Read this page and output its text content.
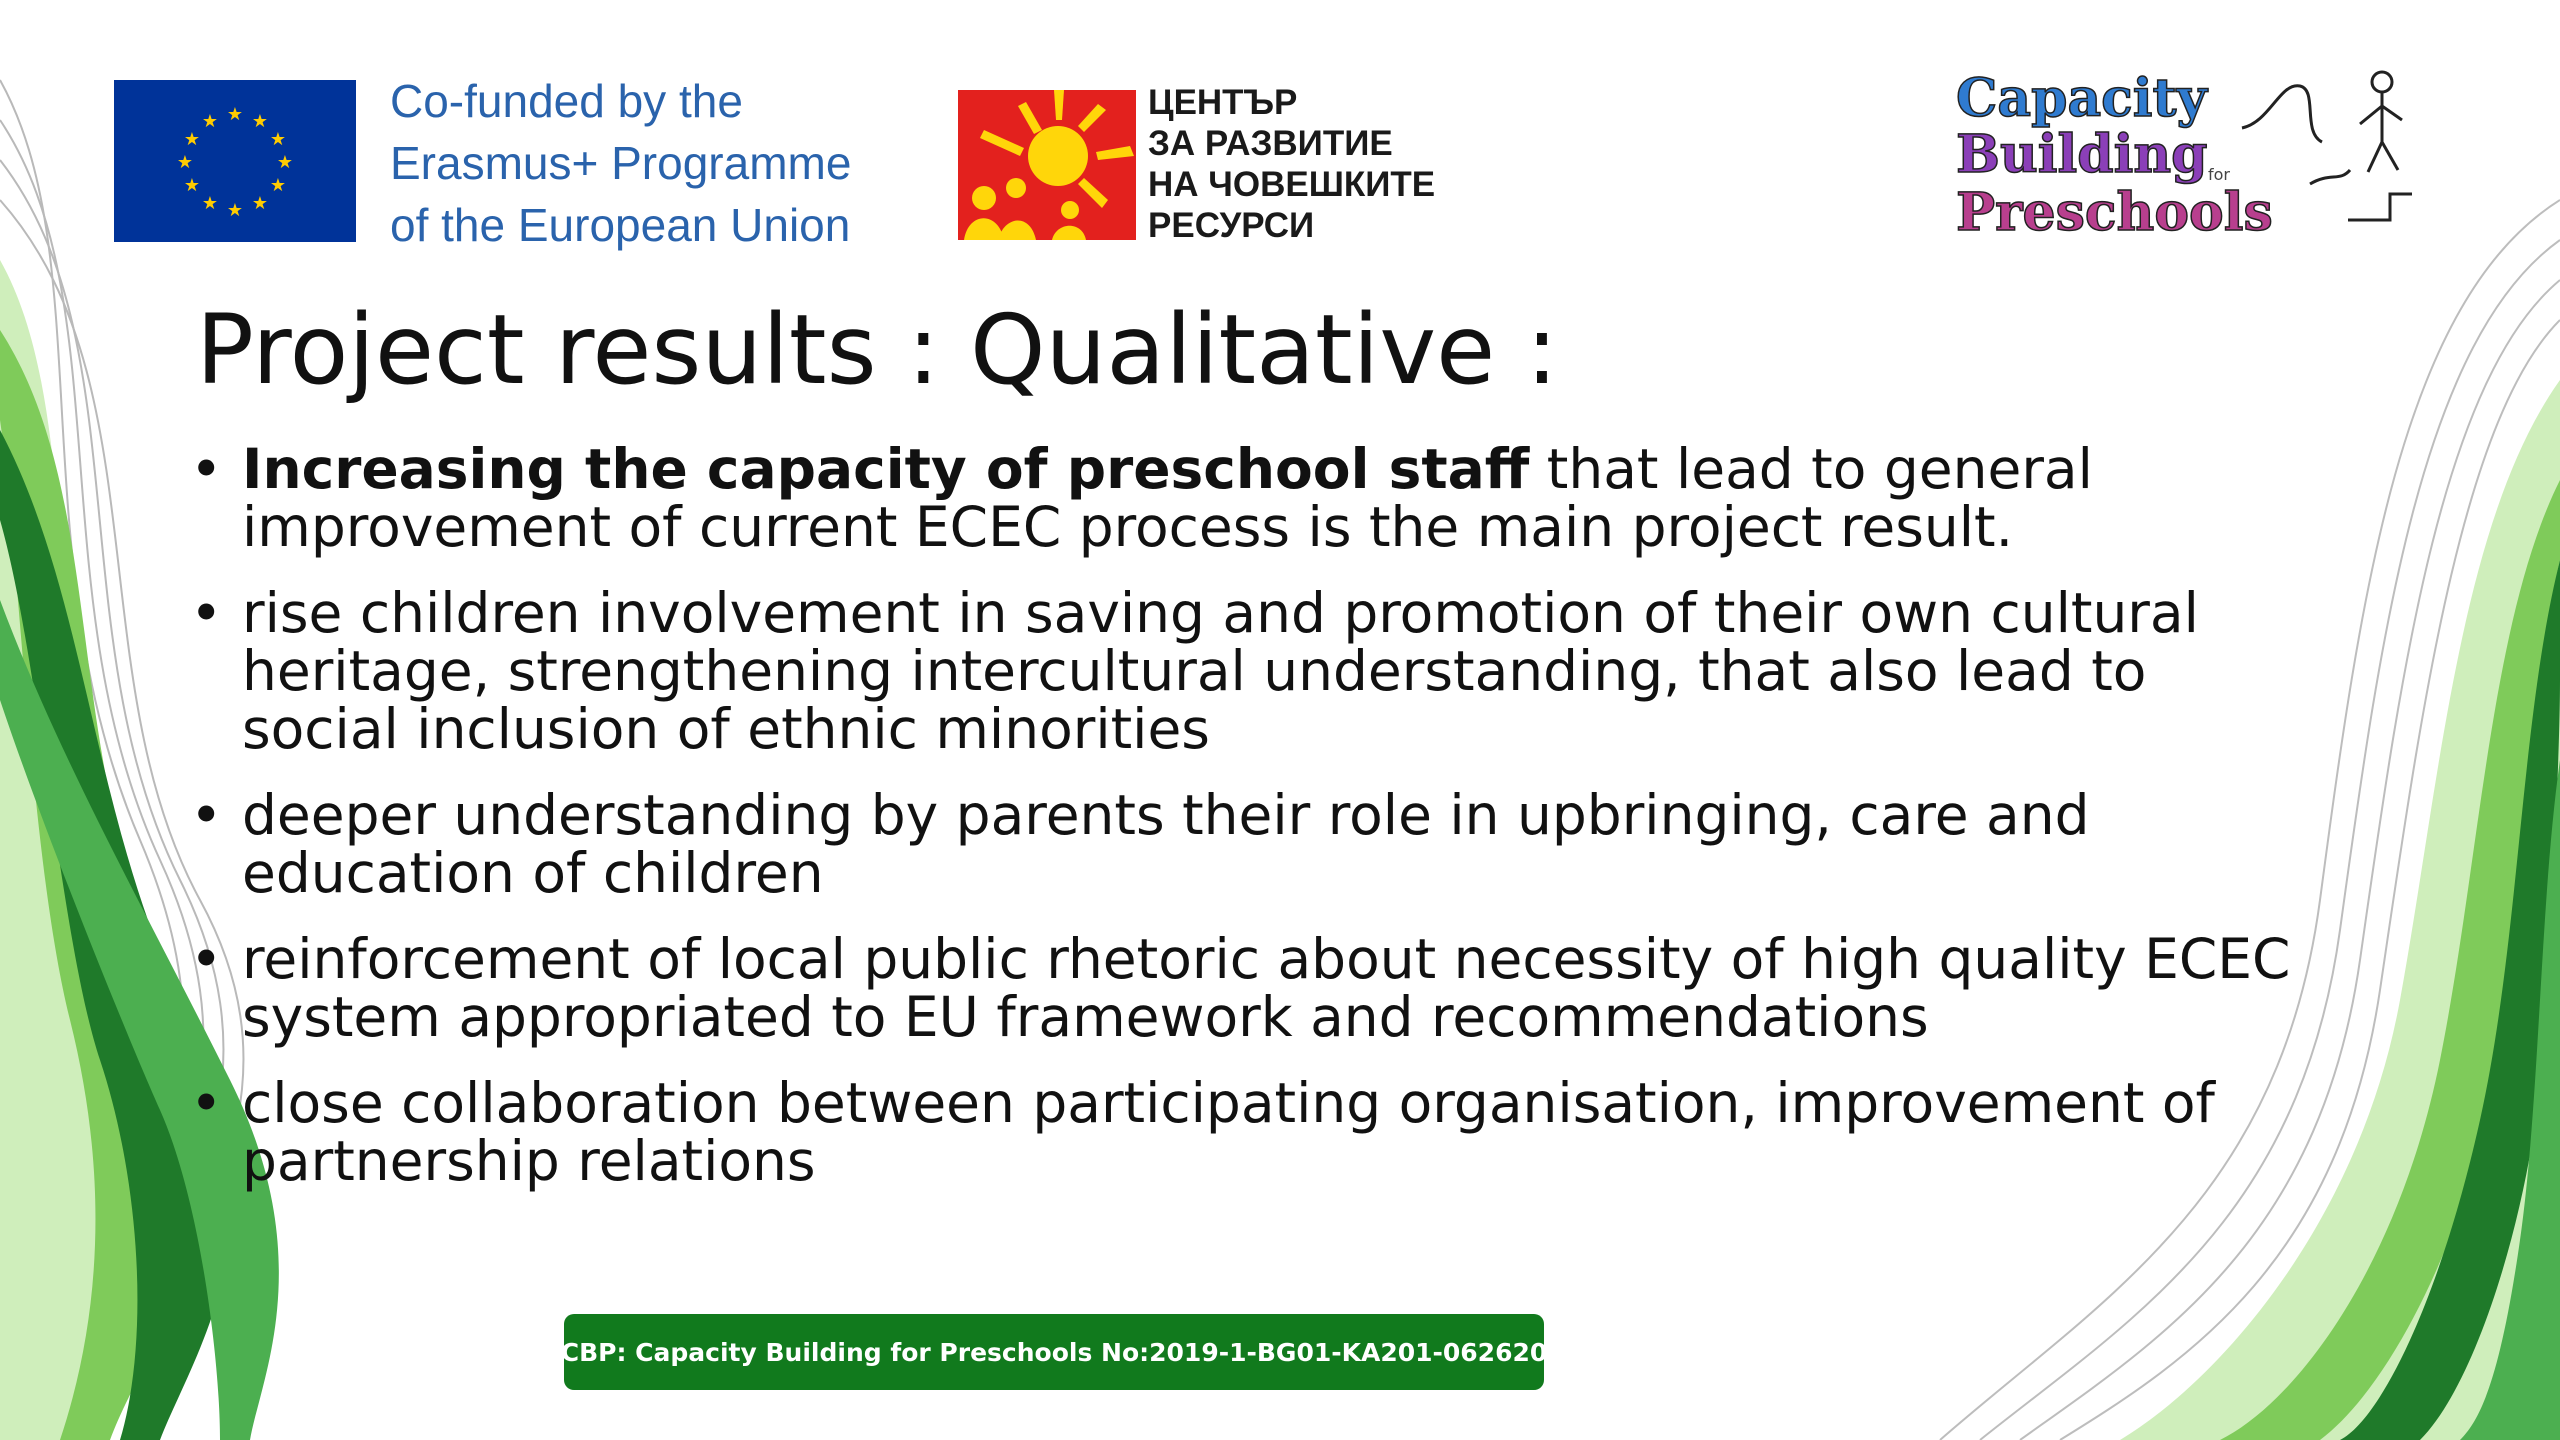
★ ★
★
★
★
★
★
★
★
★
★
★	Co-funded by the
Erasmus+ Programme
of the European Union
ЦЕНТЪР
ЗА РАЗВИТИЕ
НА ЧОВЕШКИТЕ
РЕСУРСИ
Capacity
Building
Preschools
for
Project results : Qualitative :
• Increasing the capacity of preschool staff that lead to general improvement of current ECEC process is the main project result.
• rise children involvement in saving and promotion of their own cultural heritage, strengthening intercultural understanding, that also lead to social inclusion of ethnic minorities
• deeper understanding by parents their role in upbringing, care and education of children
• reinforcement of local public rhetoric about necessity of high quality ECEC system appropriated to EU framework and recommendations
• close collaboration between participating organisation, improvement of partnership relations
CBP: Capacity Building for Preschools No:2019-1-BG01-KA201-062620
